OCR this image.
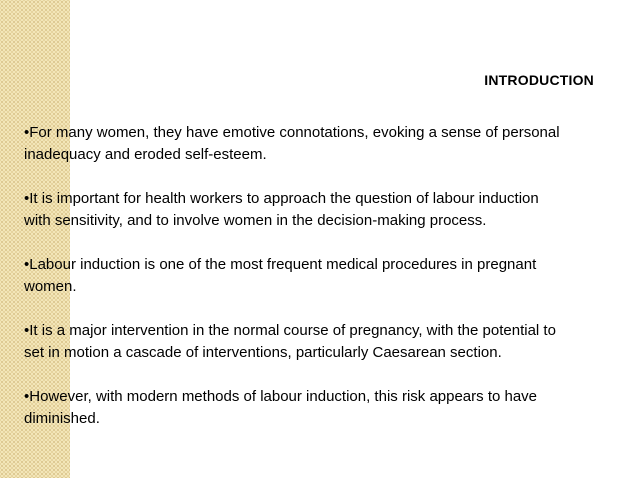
INTRODUCTION
•For many women, they have emotive connotations, evoking a sense of personal
inadequacy and eroded self-esteem.
•It is important for health workers to approach the question of labour induction
with sensitivity, and to involve women in the decision-making process.
•Labour induction is one of the most frequent medical procedures in pregnant
women.
•It is a major intervention in the normal course of pregnancy, with the potential to
set in motion a cascade of interventions, particularly Caesarean section.
•However, with modern methods of labour induction, this risk appears to have
diminished.
